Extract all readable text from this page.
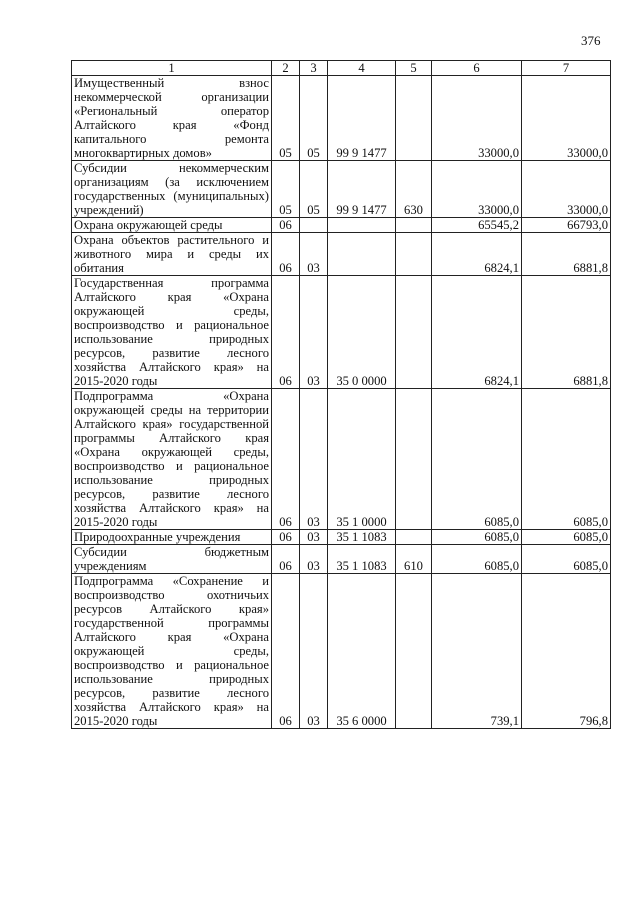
376
1	2	3	4	5	6	7
Имущественный взнос некоммерческой организации «Региональный оператор Алтайского края «Фонд капитального ремонта многоквартирных домов»	05	05	99 9 1477		33000,0	33000,0
Субсидии некоммерческим организациям (за исключением государственных (муниципальных) учреждений)	05	05	99 9 1477	630	33000,0	33000,0
Охрана окружающей среды	06				65545,2	66793,0
Охрана объектов растительного и животного мира и среды их обитания	06	03			6824,1	6881,8
Государственная программа Алтайского края «Охрана окружающей среды, воспроизводство и рациональное использование природных ресурсов, развитие лесного хозяйства Алтайского края» на 2015-2020 годы	06	03	35 0 0000		6824,1	6881,8
Подпрограмма «Охрана окружающей среды на территории Алтайского края» государственной программы Алтайского края «Охрана окружающей среды, воспроизводство и рациональное использование природных ресурсов, развитие лесного хозяйства Алтайского края» на 2015-2020 годы	06	03	35 1 0000		6085,0	6085,0
Природоохранные учреждения	06	03	35 1 1083		6085,0	6085,0
Субсидии бюджетным учреждениям	06	03	35 1 1083	610	6085,0	6085,0
Подпрограмма «Сохранение и воспроизводство охотничьих ресурсов Алтайского края» государственной программы Алтайского края «Охрана окружающей среды, воспроизводство и рациональное использование природных ресурсов, развитие лесного хозяйства Алтайского края» на 2015-2020 годы	06	03	35 6 0000		739,1	796,8
